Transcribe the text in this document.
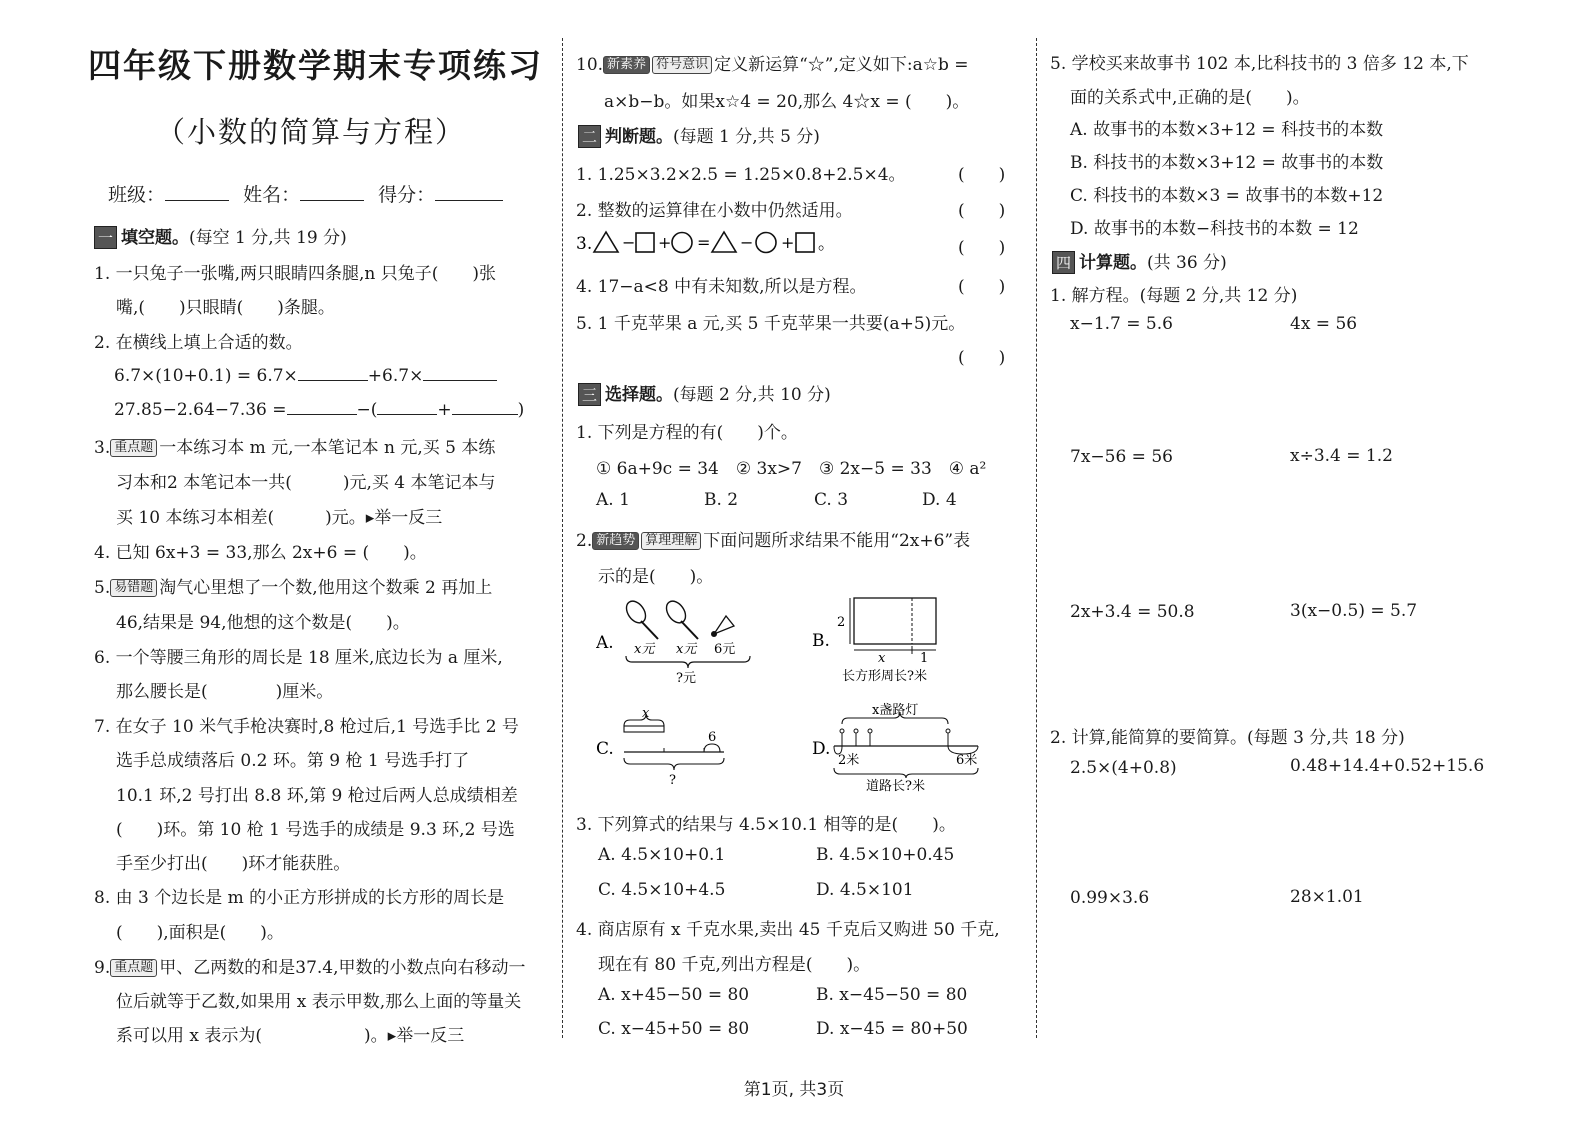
四年级下册数学期末专项练习
（小数的简算与方程）
班级：	姓名：	得分：
一 填空题。(每空 1 分,共 19 分)
1. 一只兔子一张嘴,两只眼睛四条腿,n 只兔子(　　)张
嘴,(　　)只眼睛(　　)条腿。
2. 在横线上填上合适的数。
6.7×(10+0.1) = 6.7×	+6.7×
27.85−2.64−7.36 =	−(	+	)
3. 重点题 一本练习本 m 元,一本笔记本 n 元,买 5 本练
习本和2 本笔记本一共(　　　)元,买 4 本笔记本与
买 10 本练习本相差(　　　)元。▸举一反三
4. 已知 6x+3 = 33,那么 2x+6 = (　　)。
5. 易错题 淘气心里想了一个数,他用这个数乘 2 再加上
46,结果是 94,他想的这个数是(　　)。
6. 一个等腰三角形的周长是 18 厘米,底边长为 a 厘米,
那么腰长是(　　　　)厘米。
7. 在女子 10 米气手枪决赛时,8 枪过后,1 号选手比 2 号
选手总成绩落后 0.2 环。第 9 枪 1 号选手打了
10.1 环,2 号打出 8.8 环,第 9 枪过后两人总成绩相差
(　　)环。第 10 枪 1 号选手的成绩是 9.3 环,2 号选
手至少打出(　　)环才能获胜。
8. 由 3 个边长是 m 的小正方形拼成的长方形的周长是
(　　),面积是(　　)。
9. 重点题 甲、乙两数的和是37.4,甲数的小数点向右移动一
位后就等于乙数,如果用 x 表示甲数,那么上面的等量关
系可以用 x 表示为(　　　　　　)。▸举一反三
10. 新素养 符号意识 定义新运算“☆”,定义如下:a☆b =
a×b−b。如果x☆4 = 20,那么 4☆x = (　　)。
二 判断题。(每题 1 分,共 5 分)
1. 1.25×3.2×2.5 = 1.25×0.8+2.5×4。	(　　)
2. 整数的运算律在小数中仍然适用。	(　　)
3. − + = − + 。	(　　)
4. 17−a<8 中有未知数,所以是方程。	(　　)
5. 1 千克苹果 a 元,买 5 千克苹果一共要(a+5)元。
(　　)
三 选择题。(每题 2 分,共 10 分)
1. 下列是方程的有(　　)个。
① 6a+9c = 34　② 3x>7　③ 2x−5 = 33　④ a²
A. 1	B. 2	C. 3	D. 4
2. 新趋势 算理理解 下面问题所求结果不能用“2x+6”表
示的是(　　)。
A. x元 x元 6元
?元
B.
2
x	1
长方形周长?米
C.
x
6
?
D.
x盏路灯
2米	6米
道路长?米
3. 下列算式的结果与 4.5×10.1 相等的是(　　)。
A. 4.5×10+0.1	B. 4.5×10+0.45
C. 4.5×10+4.5	D. 4.5×101
4. 商店原有 x 千克水果,卖出 45 千克后又购进 50 千克,
现在有 80 千克,列出方程是(　　)。
A. x+45−50 = 80	B. x−45−50 = 80
C. x−45+50 = 80	D. x−45 = 80+50
5. 学校买来故事书 102 本,比科技书的 3 倍多 12 本,下
面的关系式中,正确的是(　　)。
A. 故事书的本数×3+12 = 科技书的本数
B. 科技书的本数×3+12 = 故事书的本数
C. 科技书的本数×3 = 故事书的本数+12
D. 故事书的本数−科技书的本数 = 12
四 计算题。(共 36 分)
1. 解方程。(每题 2 分,共 12 分)
x−1.7 = 5.6	4x = 56
7x−56 = 56	x÷3.4 = 1.2
2x+3.4 = 50.8	3(x−0.5) = 5.7
2. 计算,能简算的要简算。(每题 3 分,共 18 分)
2.5×(4+0.8)	0.48+14.4+0.52+15.6
0.99×3.6	28×1.01
第1页, 共3页
